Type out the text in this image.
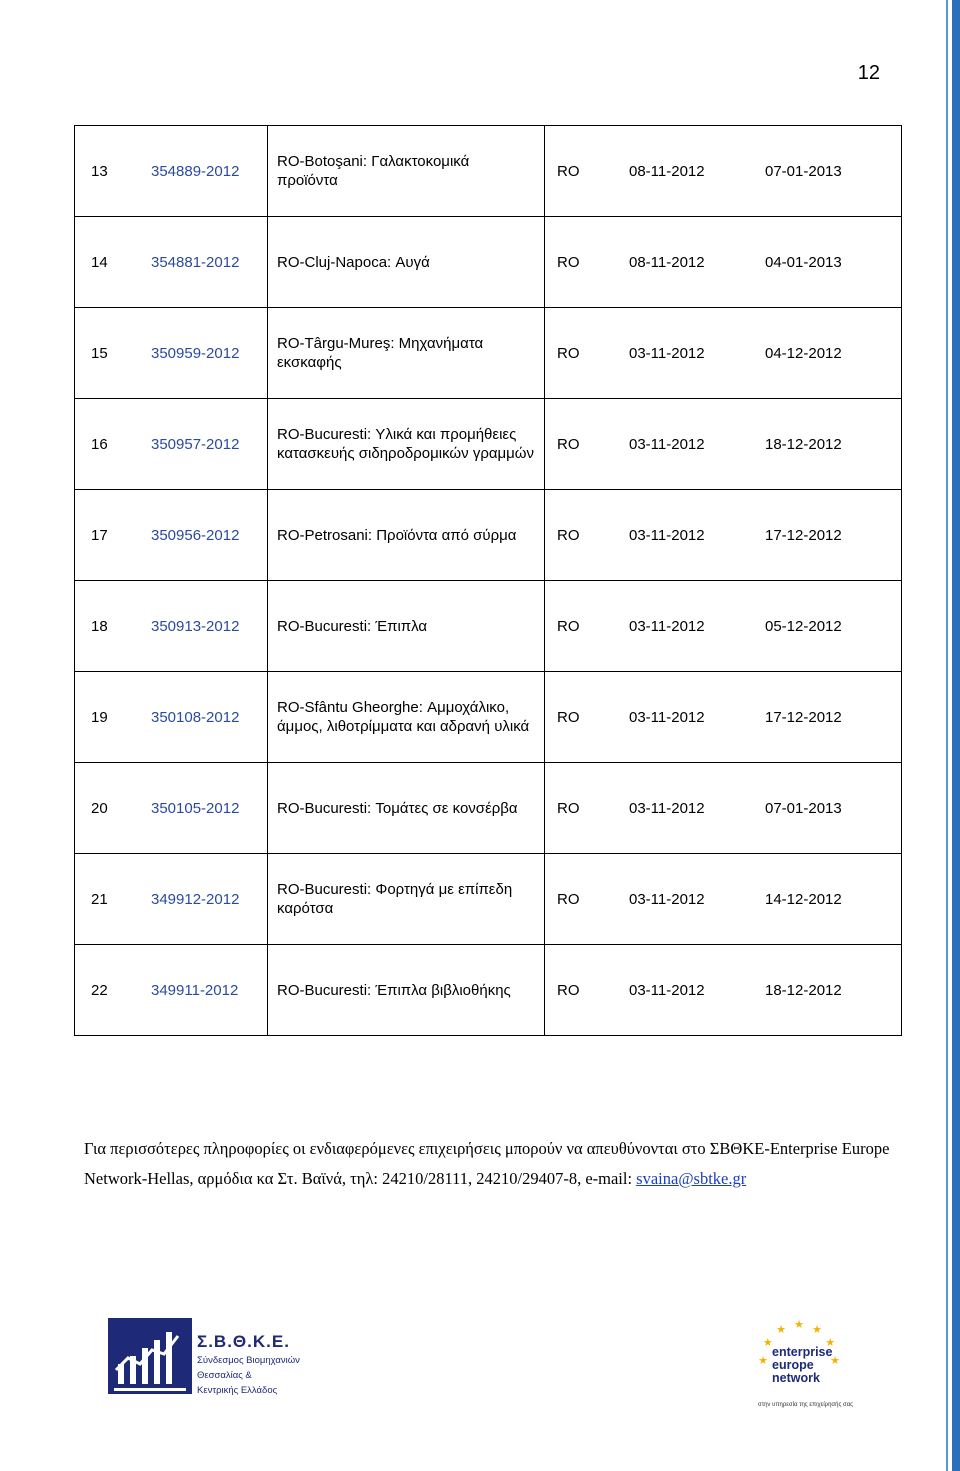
12
13	354889-2012	RO-Botoşani: Γαλακτοκομικά προϊόντα	RO	08-11-2012	07-01-2013
14	354881-2012	RO-Cluj-Napoca: Αυγά	RO	08-11-2012	04-01-2013
15	350959-2012	RO-Târgu-Mureş: Μηχανήματα εκσκαφής	RO	03-11-2012	04-12-2012
16	350957-2012	RO-Bucuresti: Υλικά και προμήθειες κατασκευής σιδηροδρομικών γραμμών	RO	03-11-2012	18-12-2012
17	350956-2012	RO-Petrosani: Προϊόντα από σύρμα	RO	03-11-2012	17-12-2012
18	350913-2012	RO-Bucuresti: Έπιπλα	RO	03-11-2012	05-12-2012
19	350108-2012	RO-Sfântu Gheorghe: Αμμοχάλικο, άμμος, λιθοτρίμματα και αδρανή υλικά	RO	03-11-2012	17-12-2012
20	350105-2012	RO-Bucuresti: Τομάτες σε κονσέρβα	RO	03-11-2012	07-01-2013
21	349912-2012	RO-Bucuresti: Φορτηγά με επίπεδη καρότσα	RO	03-11-2012	14-12-2012
22	349911-2012	RO-Bucuresti: Έπιπλα βιβλιοθήκης	RO	03-11-2012	18-12-2012
Για περισσότερες πληροφορίες οι ενδιαφερόμενες επιχειρήσεις μπορούν να απευθύνονται στο ΣΒΘΚΕ-Enterprise Europe Network-Hellas, αρμόδια κα Στ. Βαϊνά, τηλ: 24210/28111, 24210/29407-8, e-mail: svaina@sbtke.gr
Σ.Β.Θ.Κ.Ε.
Σύνδεσμος Βιομηχανιών
Θεσσαλίας &
Κεντρικής Ελλάδος
★ ★
★
★
★
★
★
enterprise
europe
network
στην υπηρεσία της επιχείρησής σας
